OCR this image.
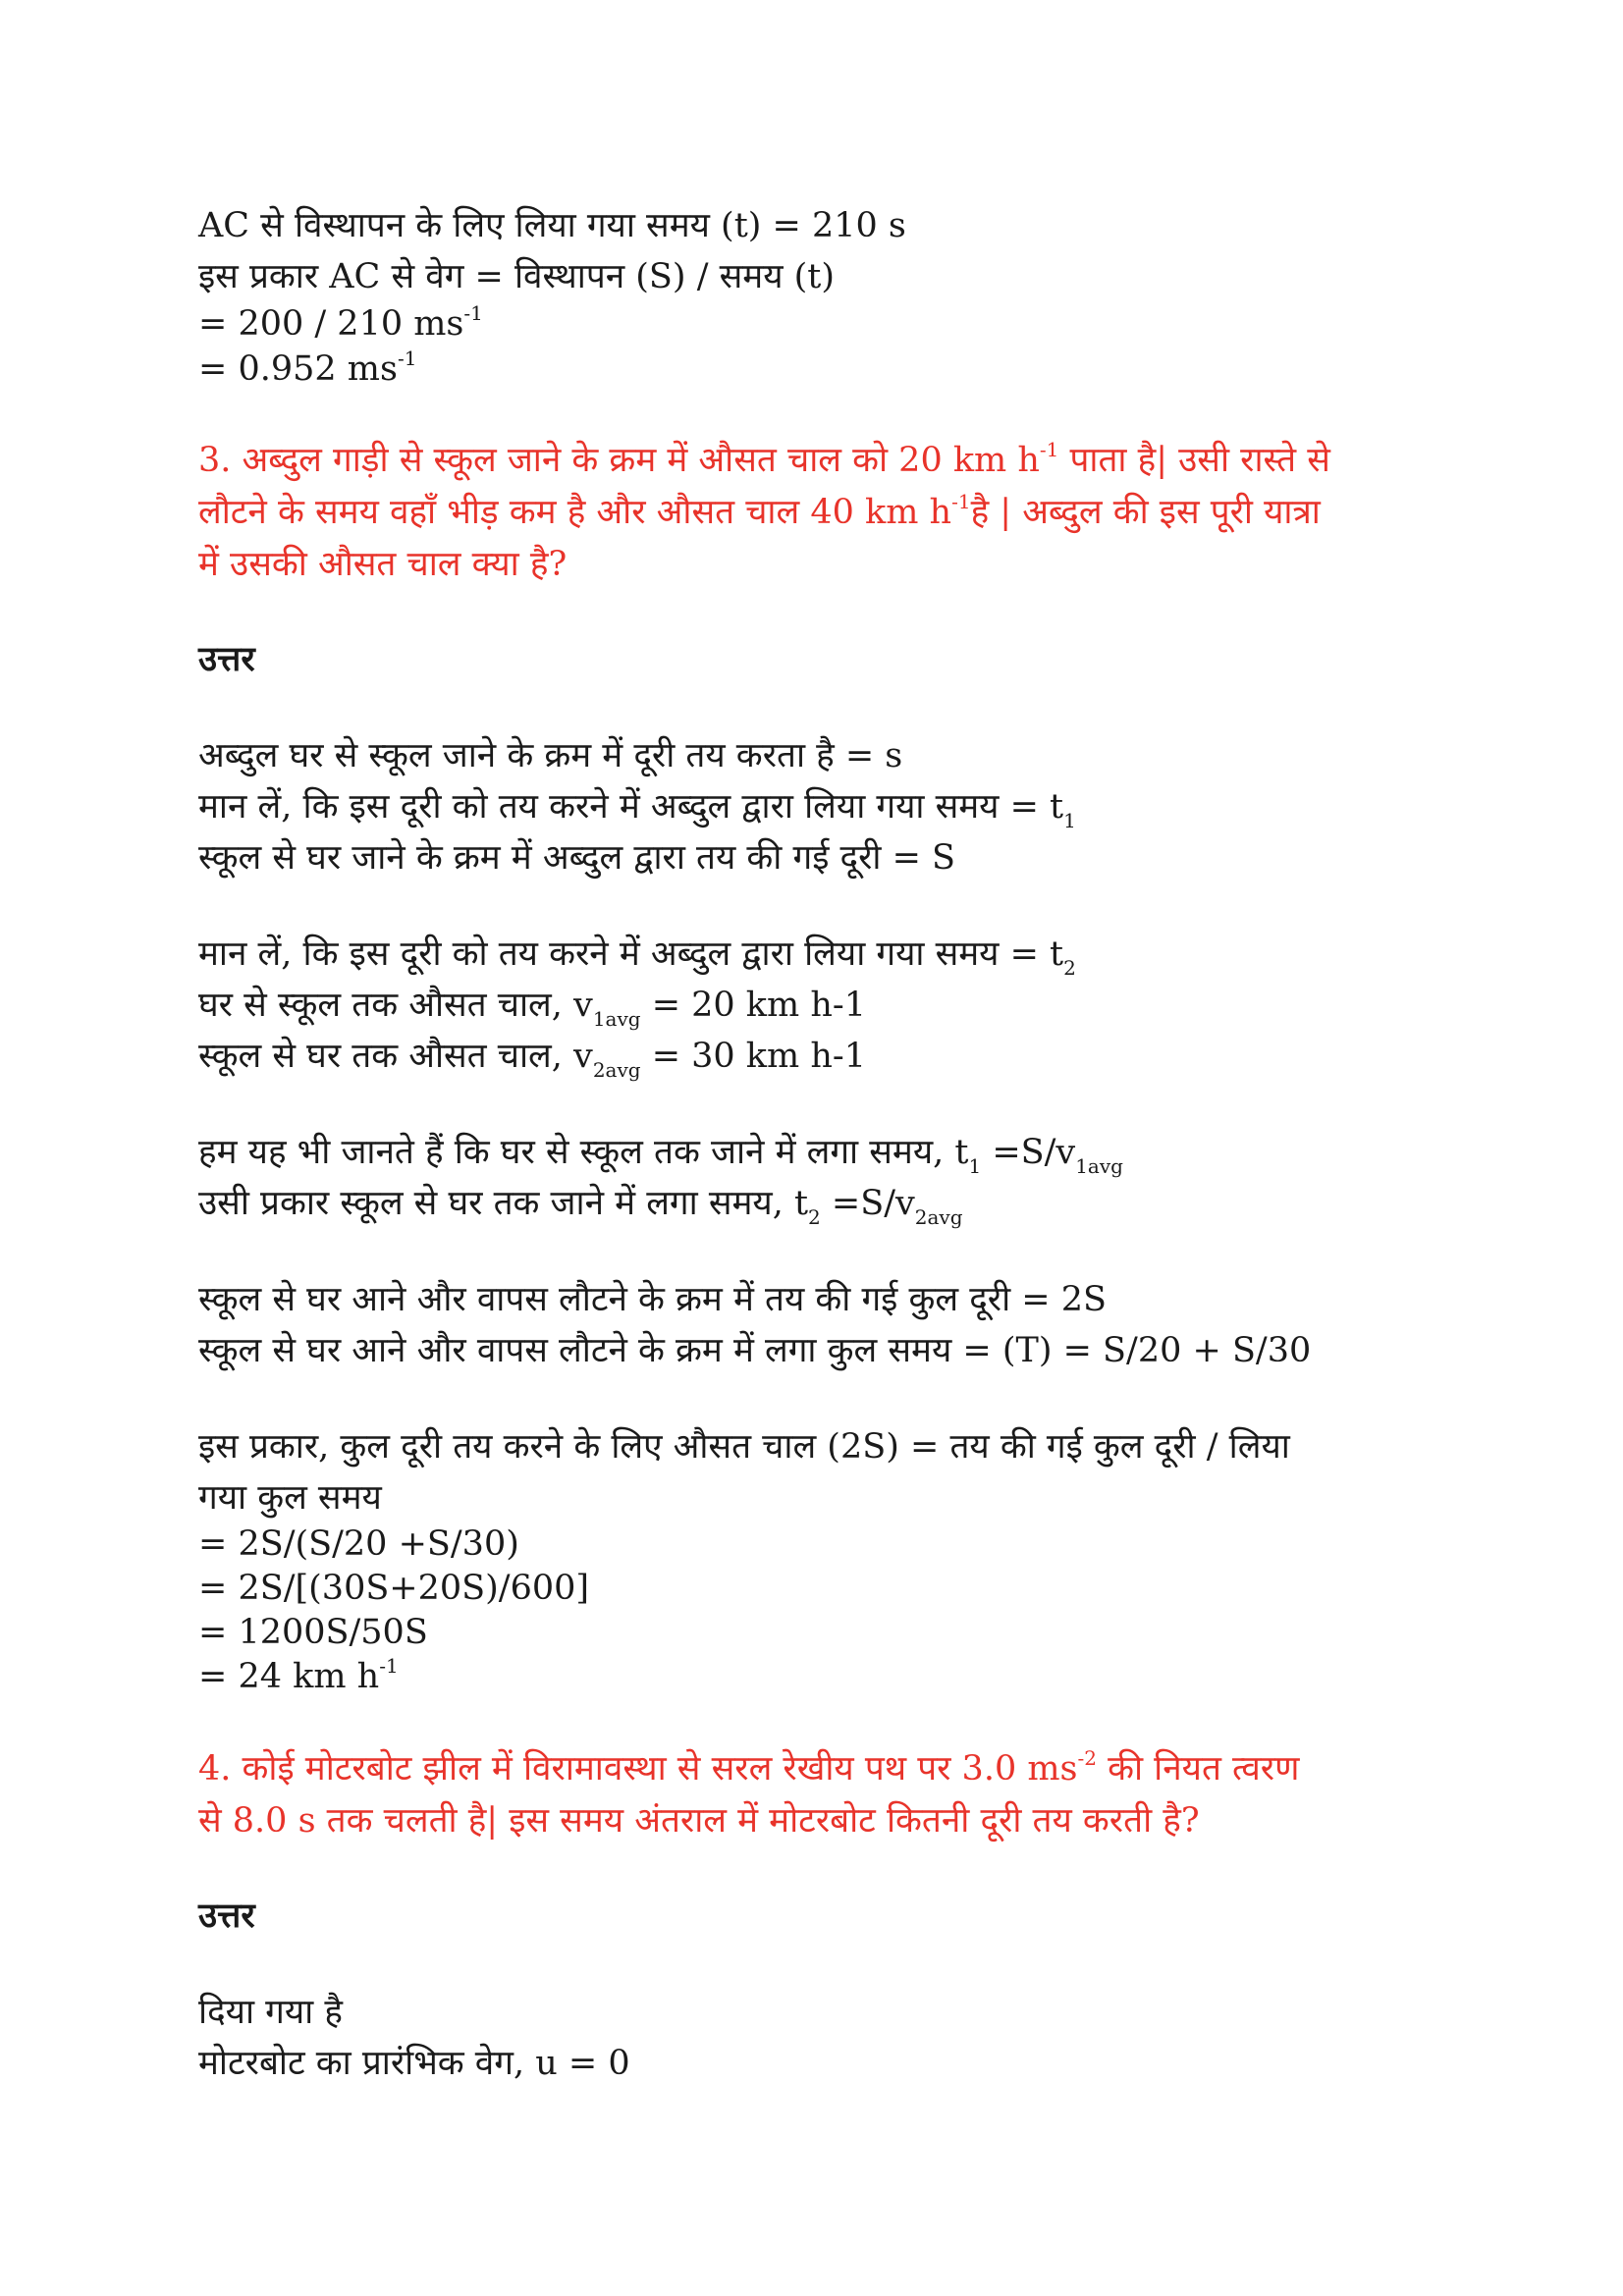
AC से विस्थापन के लिए लिया गया समय (t) = 210 s

इस प्रकार AC से वेग = विस्थापन (S) / समय (t)

= 200 / 210 $ms^{-1}$

= 0.952 $ms^{-1}$

3. अब्दुल गाड़ी से स्कूल जाने के क्रम में औसत चाल को 20 km $h^{-1}$ पाता है| उसी रास्ते से

लौटने के समय वहाँ भीड़ कम है और औसत चाल 40 km $h^{-1}है$ | अब्दुल की इस पूरी यात्रा

में उसकी औसत चाल क्या है?

उत्तर

अब्दुल घर से स्कूल जाने के क्रम में दूरी तय करता है = s

मान लें, कि इस दूरी को तय करने में अब्दुल द्वारा लिया गया समय = $t_1$

स्कूल से घर जाने के क्रम में अब्दुल द्वारा तय की गई दूरी = S

मान लें, कि इस दूरी को तय करने में अब्दुल द्वारा लिया गया समय = $t_2$

घर से स्कूल तक औसत चाल, $v_{1avg} = 20$ km h-1

स्कूल से घर तक औसत चाल, $v_{2avg} = 30$ km h-1

हम यह भी जानते हैं कि घर से स्कूल तक जाने में लगा समय, $t_1 =S/v_{1avg}$

उसी प्रकार स्कूल से घर तक जाने में लगा समय, $t_2 =S/v_{2avg}$

स्कूल से घर आने और वापस लौटने के क्रम में तय की गई कुल दूरी = 2S

स्कूल से घर आने और वापस लौटने के क्रम में लगा कुल समय = (T) = S/20 + S/30

इस प्रकार, कुल दूरी तय करने के लिए औसत चाल (2S) = तय की गई कुल दूरी / लिया

गया कुल समय

= 2S/(S/20 +S/30)

= 2S/[(30S+20S)/600]

= 1200S/50S

= 24 km $h^{-1}$

4. कोई मोटरबोट झील में विरामावस्था से सरल रेखीय पथ पर 3.0 $ms^{-2}$ की नियत त्वरण

से 8.0 s तक चलती है| इस समय अंतराल में मोटरबोट कितनी दूरी तय करती है?

उत्तर

दिया गया है

मोटरबोट का प्रारंभिक वेग, u = 0
